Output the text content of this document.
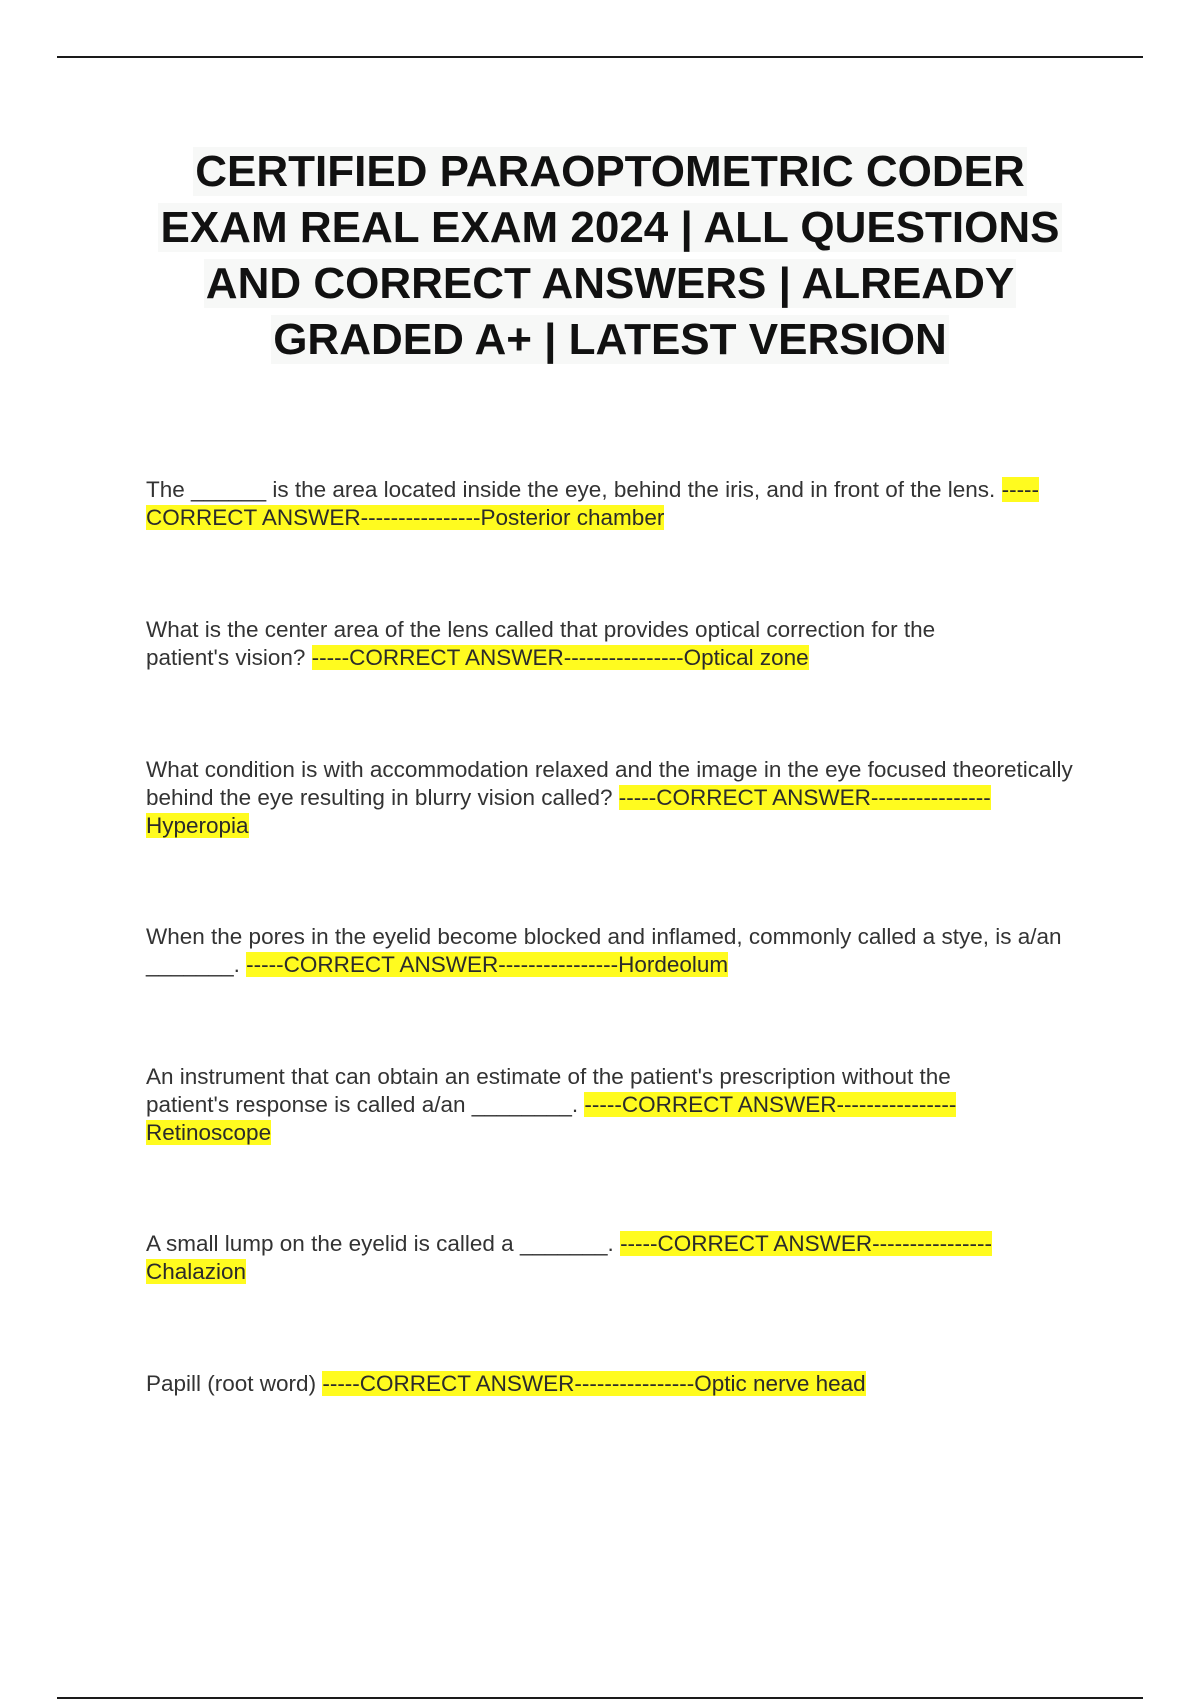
CERTIFIED PARAOPTOMETRIC CODER EXAM REAL EXAM 2024 | ALL QUESTIONS AND CORRECT ANSWERS | ALREADY GRADED A+ | LATEST VERSION

The ______ is the area located inside the eye, behind the iris, and in front of the lens. -----CORRECT ANSWER----------------Posterior chamber

What is the center area of the lens called that provides optical correction for the patient's vision? -----CORRECT ANSWER----------------Optical zone

What condition is with accommodation relaxed and the image in the eye focused theoretically behind the eye resulting in blurry vision called? -----CORRECT ANSWER----------------Hyperopia

When the pores in the eyelid become blocked and inflamed, commonly called a stye, is a/an _______. -----CORRECT ANSWER----------------Hordeolum

An instrument that can obtain an estimate of the patient's prescription without the patient's response is called a/an ________. -----CORRECT ANSWER----------------Retinoscope

A small lump on the eyelid is called a _______. -----CORRECT ANSWER----------------Chalazion

Papill (root word) -----CORRECT ANSWER----------------Optic nerve head
